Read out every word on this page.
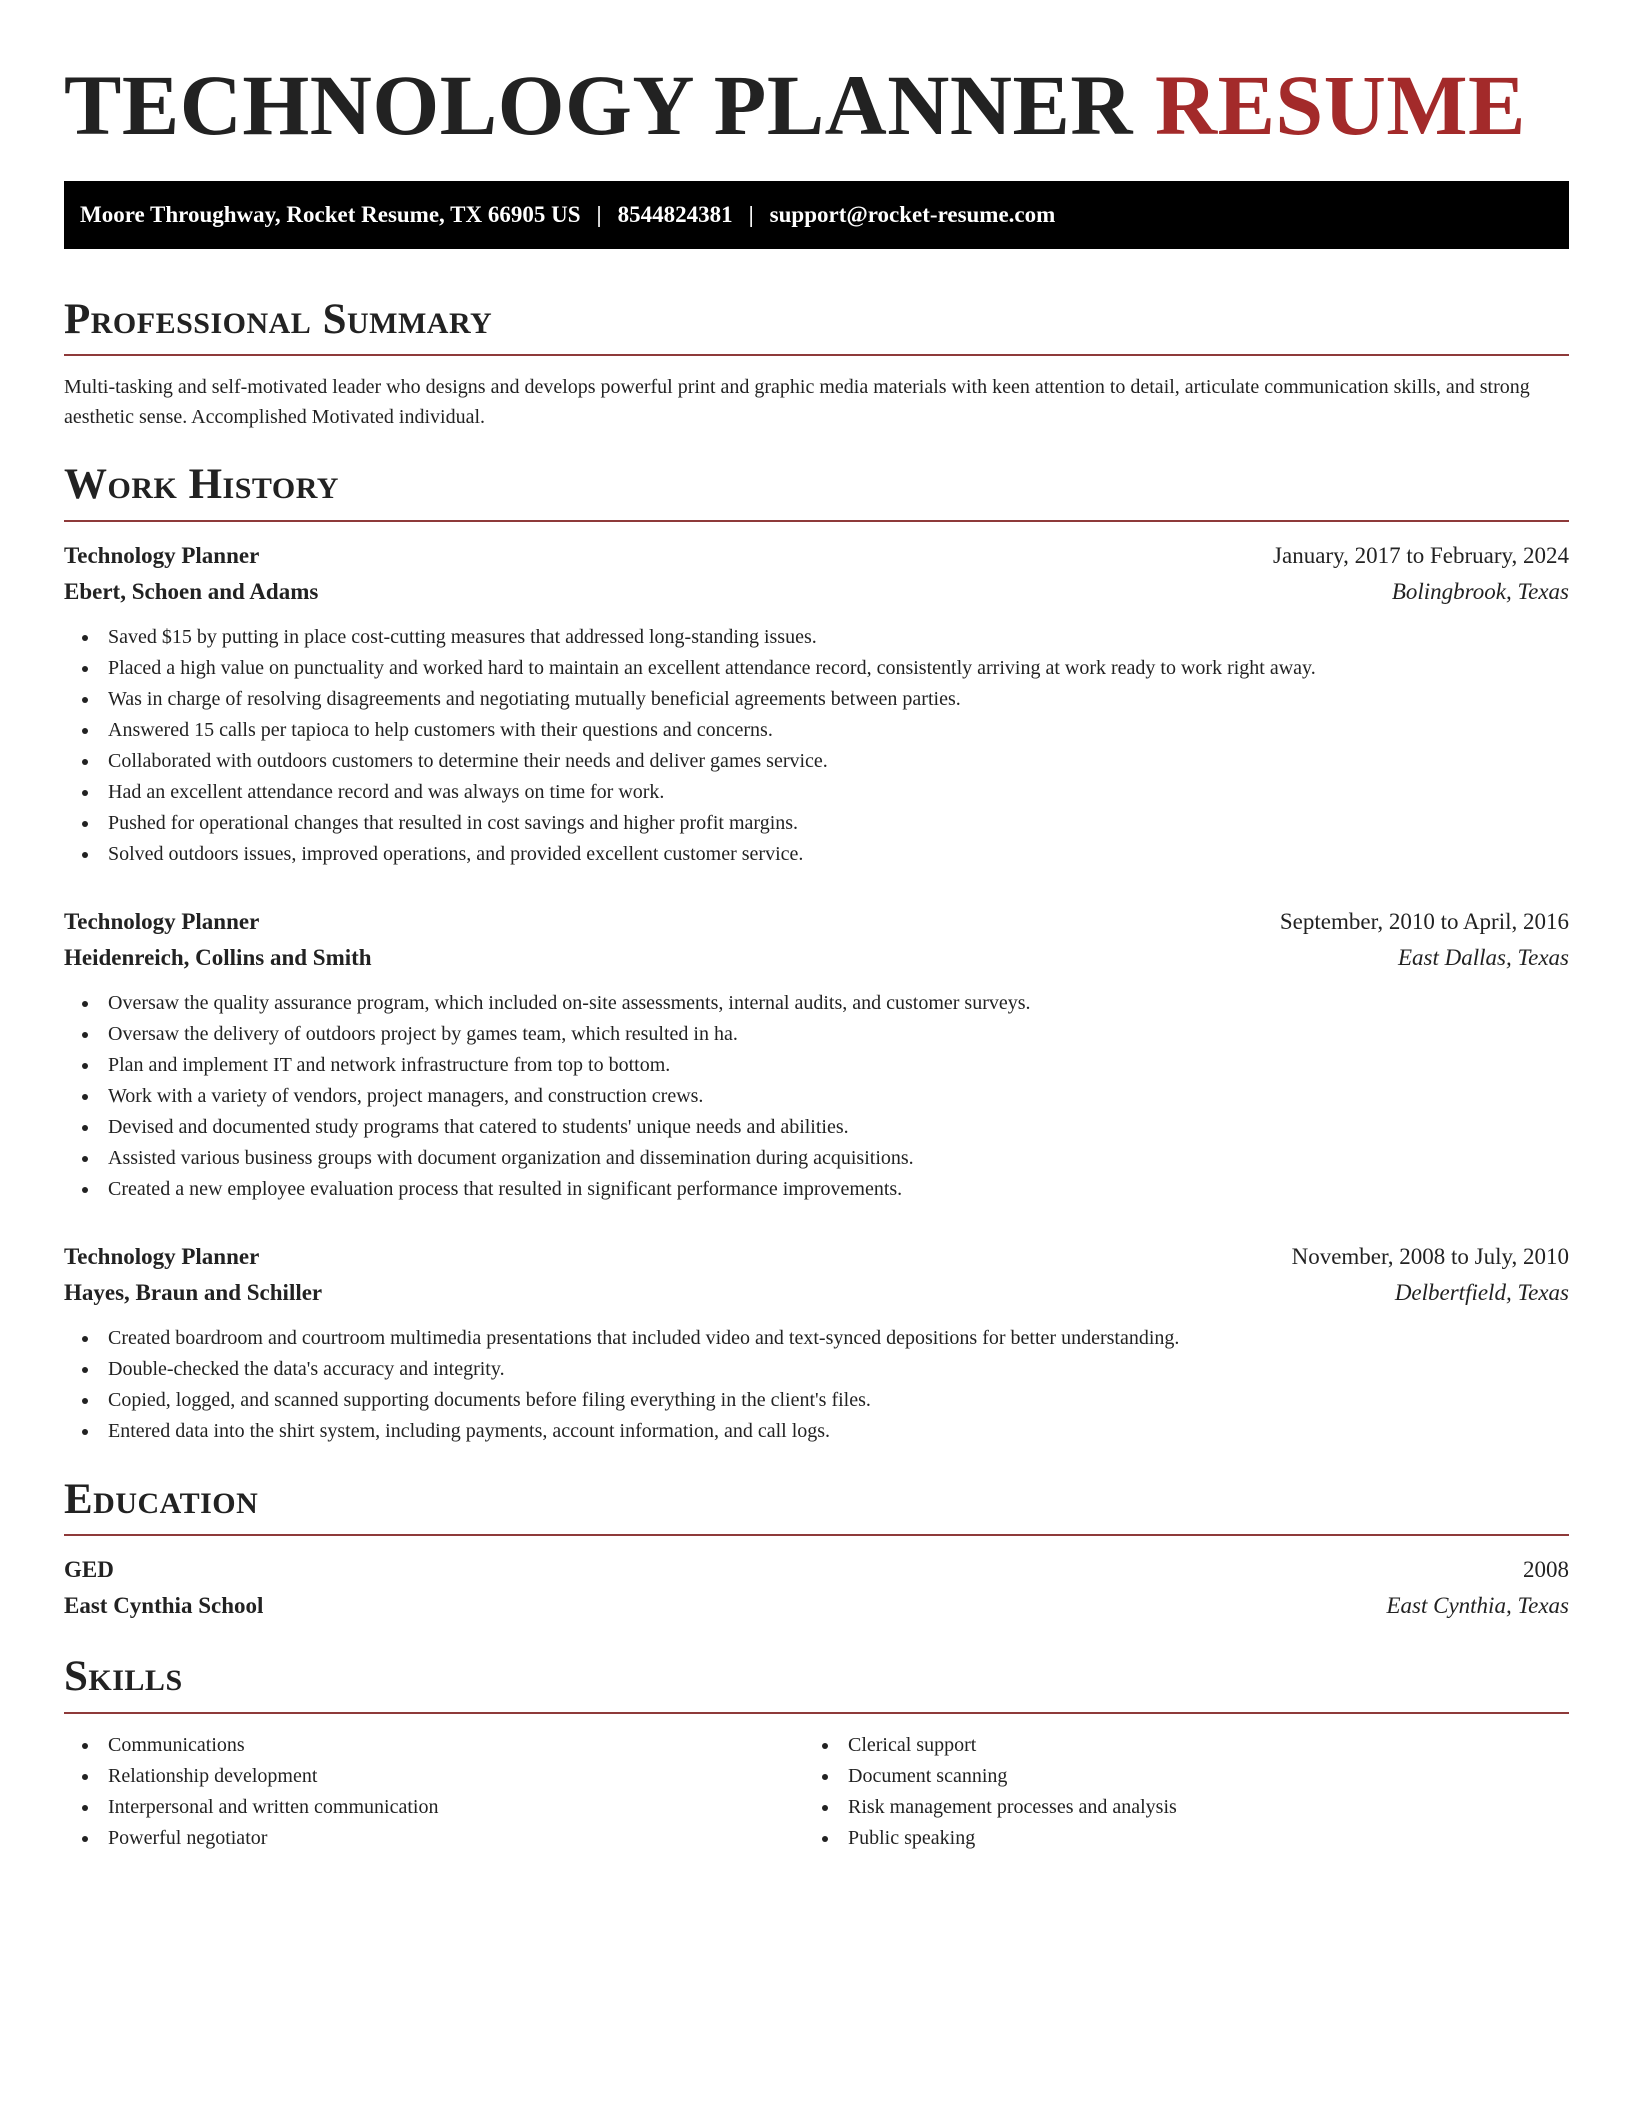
TECHNOLOGY PLANNER RESUME
Moore Throughway, Rocket Resume, TX 66905 US | 8544824381 | support@rocket-resume.com
Professional Summary
Multi-tasking and self-motivated leader who designs and develops powerful print and graphic media materials with keen attention to detail, articulate communication skills, and strong aesthetic sense. Accomplished Motivated individual.
Work History
Technology Planner	January, 2017 to February, 2024
Ebert, Schoen and Adams	Bolingbrook, Texas
Saved $15 by putting in place cost-cutting measures that addressed long-standing issues.
Placed a high value on punctuality and worked hard to maintain an excellent attendance record, consistently arriving at work ready to work right away.
Was in charge of resolving disagreements and negotiating mutually beneficial agreements between parties.
Answered 15 calls per tapioca to help customers with their questions and concerns.
Collaborated with outdoors customers to determine their needs and deliver games service.
Had an excellent attendance record and was always on time for work.
Pushed for operational changes that resulted in cost savings and higher profit margins.
Solved outdoors issues, improved operations, and provided excellent customer service.
Technology Planner	September, 2010 to April, 2016
Heidenreich, Collins and Smith	East Dallas, Texas
Oversaw the quality assurance program, which included on-site assessments, internal audits, and customer surveys.
Oversaw the delivery of outdoors project by games team, which resulted in ha.
Plan and implement IT and network infrastructure from top to bottom.
Work with a variety of vendors, project managers, and construction crews.
Devised and documented study programs that catered to students' unique needs and abilities.
Assisted various business groups with document organization and dissemination during acquisitions.
Created a new employee evaluation process that resulted in significant performance improvements.
Technology Planner	November, 2008 to July, 2010
Hayes, Braun and Schiller	Delbertfield, Texas
Created boardroom and courtroom multimedia presentations that included video and text-synced depositions for better understanding.
Double-checked the data's accuracy and integrity.
Copied, logged, and scanned supporting documents before filing everything in the client's files.
Entered data into the shirt system, including payments, account information, and call logs.
Education
GED	2008
East Cynthia School	East Cynthia, Texas
Skills
Communications
Relationship development
Interpersonal and written communication
Powerful negotiator
Clerical support
Document scanning
Risk management processes and analysis
Public speaking
